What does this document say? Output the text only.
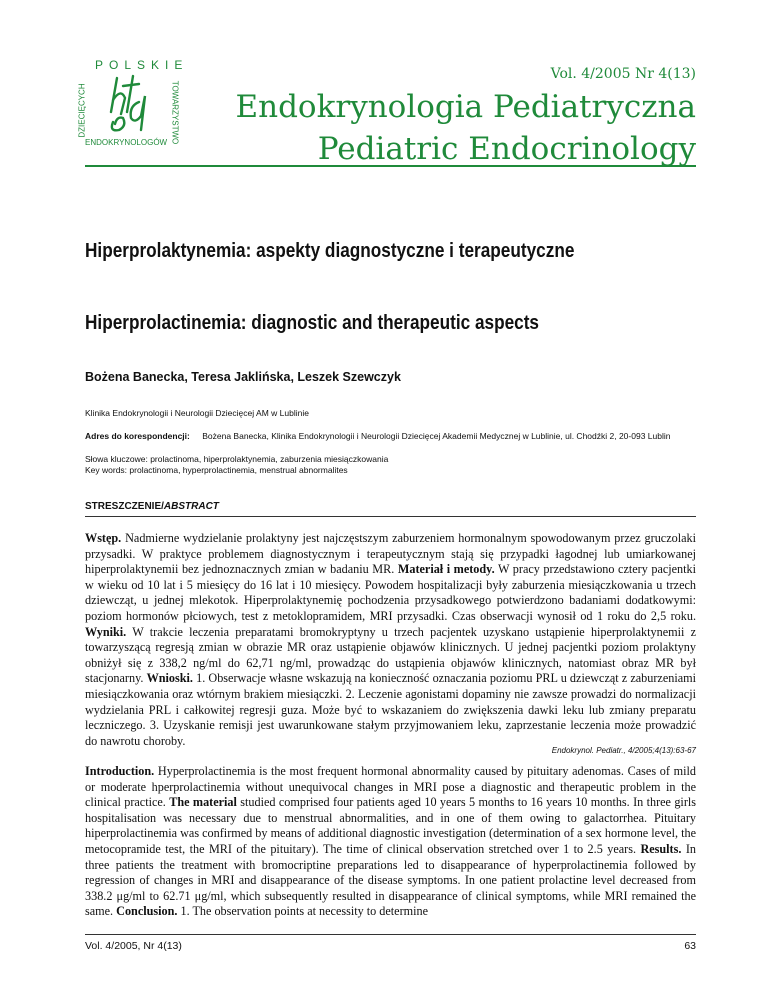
POLSKIE
DZIECIĘCYCH	TOWARZYSTWO
ENDOKRYNOLOGÓW
Vol. 4/2005 Nr 4(13)
Endokrynologia Pediatryczna
Pediatric Endocrinology
Hiperprolaktynemia: aspekty diagnostyczne i terapeutyczne
Hiperprolactinemia: diagnostic and therapeutic aspects
Bożena Banecka, Teresa Jaklińska, Leszek Szewczyk
Klinika Endokrynologii i Neurologii Dziecięcej AM w Lublinie
Adres do korespondencji: Bożena Banecka, Klinika Endokrynologii i Neurologii Dziecięcej Akademii Medycznej w Lublinie, ul. Chodźki 2, 20-093 Lublin
Słowa kluczowe: prolactinoma, hiperprolaktynemia, zaburzenia miesiączkowania
Key words: prolactinoma, hyperprolactinemia, menstrual abnormalites
STRESZCZENIE/ABSTRACT
Wstęp. Nadmierne wydzielanie prolaktyny jest najczęstszym zaburzeniem hormonalnym spowodowanym przez gruczolaki przysadki. W praktyce problemem diagnostycznym i terapeutycznym stają się przypadki łagodnej lub umiarkowanej hiperprolaktynemii bez jednoznacznych zmian w badaniu MR. Materiał i metody. W pracy przedstawiono cztery pacjentki w wieku od 10 lat i 5 miesięcy do 16 lat i 10 miesięcy. Powodem hospitalizacji były zaburzenia miesiączkowania u trzech dziewcząt, u jednej mlekotok. Hiperprolaktynemię pochodzenia przysadkowego potwierdzono badaniami dodatkowymi: poziom hormonów płciowych, test z metoklopramidem, MRI przysadki. Czas obserwacji wynosił od 1 roku do 2,5 roku. Wyniki. W trakcie leczenia preparatami bromokryptyny u trzech pacjentek uzyskano ustąpienie hiperprolaktynemii z towarzyszącą regresją zmian w obrazie MR oraz ustąpienie objawów klinicznych. U jednej pacjentki poziom prolaktyny obniżył się z 338,2 ng/ml do 62,71 ng/ml, prowadząc do ustąpienia objawów klinicznych, natomiast obraz MR był stacjonarny. Wnioski. 1. Obserwacje własne wskazują na konieczność oznaczania poziomu PRL u dziewcząt z zaburzeniami miesiączkowania oraz wtórnym brakiem miesiączki. 2. Leczenie agonistami dopaminy nie zawsze prowadzi do normalizacji wydzielania PRL i całkowitej regresji guza. Może być to wskazaniem do zwiększenia dawki leku lub zmiany preparatu leczniczego. 3. Uzyskanie remisji jest uwarunkowane stałym przyjmowaniem leku, zaprzestanie leczenia może prowadzić do nawrotu choroby.
Endokrynol. Pediatr., 4/2005;4(13):63-67
Introduction. Hyperprolactinemia is the most frequent hormonal abnormality caused by pituitary adenomas. Cases of mild or moderate hperprolactinemia without unequivocal changes in MRI pose a diagnostic and therapeutic problem in the clinical practice. The material studied comprised four patients aged 10 years 5 months to 16 years 10 months. In three girls hospitalisation was necessary due to menstrual abnormalities, and in one of them owing to galactorrhea. Pituitary hiperprolactinemia was confirmed by means of additional diagnostic investigation (determination of a sex hormone level, the metocopramide test, the MRI of the pituitary). The time of clinical observation stretched over 1 to 2.5 years. Results. In three patients the treatment with bromocriptine preparations led to disappearance of hyperprolactinemia followed by regression of changes in MRI and disappearance of the disease symptoms. In one patient prolactine level decreased from 338.2 μg/ml to 62.71 μg/ml, which subsequently resulted in disappearance of clinical symptoms, while MRI remained the same. Conclusion. 1. The observation points at necessity to determine
Vol. 4/2005, Nr 4(13)	63
